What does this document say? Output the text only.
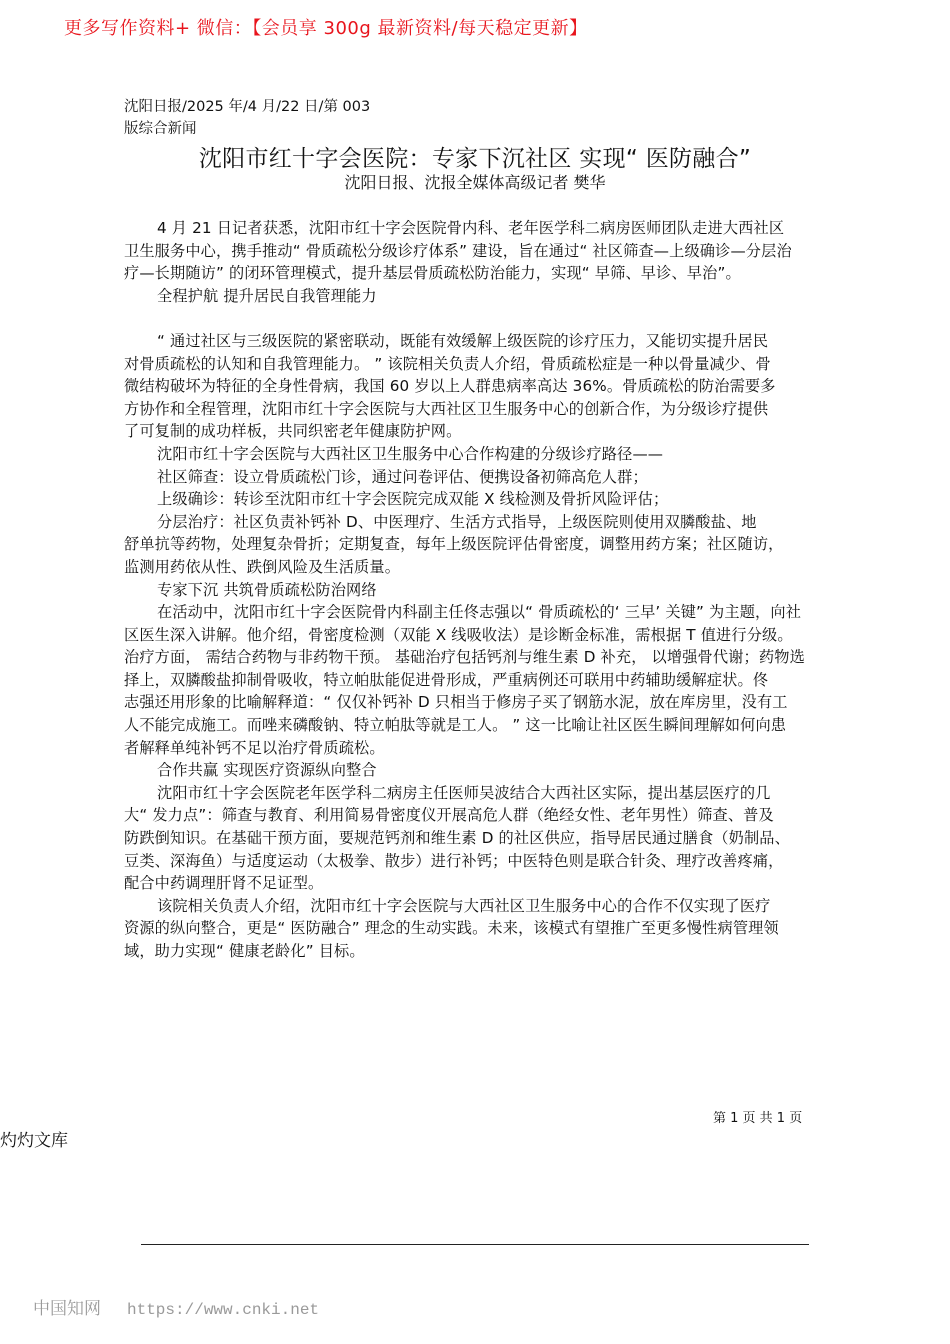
更多写作资料+ 微信：【会员享 300g 最新资料/每天稳定更新】
沈阳日报/2025 年/4 月/22 日/第 003
版综合新闻
沈阳市红十字会医院：专家下沉社区 实现“ 医防融合”
沈阳日报、沈报全媒体高级记者 樊华
4 月 21 日记者获悉，沈阳市红十字会医院骨内科、老年医学科二病房医师团队走进大西社区
卫生服务中心，携手推动“ 骨质疏松分级诊疗体系” 建设，旨在通过“ 社区筛查—上级确诊—分层治
疗—长期随访” 的闭环管理模式，提升基层骨质疏松防治能力，实现“ 早筛、早诊、早治”。
全程护航 提升居民自我管理能力
“ 通过社区与三级医院的紧密联动，既能有效缓解上级医院的诊疗压力，又能切实提升居民
对骨质疏松的认知和自我管理能力。 ” 该院相关负责人介绍，骨质疏松症是一种以骨量减少、骨
微结构破坏为特征的全身性骨病，我国 60 岁以上人群患病率高达 36%。骨质疏松的防治需要多
方协作和全程管理，沈阳市红十字会医院与大西社区卫生服务中心的创新合作，为分级诊疗提供
了可复制的成功样板，共同织密老年健康防护网。
沈阳市红十字会医院与大西社区卫生服务中心合作构建的分级诊疗路径——
社区筛查：设立骨质疏松门诊，通过问卷评估、便携设备初筛高危人群；
上级确诊：转诊至沈阳市红十字会医院完成双能 X 线检测及骨折风险评估；
分层治疗：社区负责补钙补 D、中医理疗、生活方式指导，上级医院则使用双膦酸盐、地
舒单抗等药物，处理复杂骨折；定期复查，每年上级医院评估骨密度，调整用药方案；社区随访，
监测用药依从性、跌倒风险及生活质量。
专家下沉 共筑骨质疏松防治网络
在活动中，沈阳市红十字会医院骨内科副主任佟志强以“ 骨质疏松的‘ 三早’ 关键” 为主题，向社
区医生深入讲解。他介绍，骨密度检测（双能 X 线吸收法）是诊断金标准，需根据 T 值进行分级。
治疗方面， 需结合药物与非药物干预。 基础治疗包括钙剂与维生素 D 补充， 以增强骨代谢；药物选
择上，双膦酸盐抑制骨吸收，特立帕肽能促进骨形成，严重病例还可联用中药辅助缓解症状。佟
志强还用形象的比喻解释道：“ 仅仅补钙补 D 只相当于修房子买了钢筋水泥，放在库房里，没有工
人不能完成施工。而唑来磷酸钠、特立帕肽等就是工人。 ” 这一比喻让社区医生瞬间理解如何向患
者解释单纯补钙不足以治疗骨质疏松。
合作共赢 实现医疗资源纵向整合
沈阳市红十字会医院老年医学科二病房主任医师吴波结合大西社区实际，提出基层医疗的几
大“ 发力点”：筛查与教育、利用简易骨密度仪开展高危人群（绝经女性、老年男性）筛查、普及
防跌倒知识。在基础干预方面，要规范钙剂和维生素 D 的社区供应，指导居民通过膳食（奶制品、
豆类、深海鱼）与适度运动（太极拳、散步）进行补钙；中医特色则是联合针灸、理疗改善疼痛，
配合中药调理肝肾不足证型。
该院相关负责人介绍，沈阳市红十字会医院与大西社区卫生服务中心的合作不仅实现了医疗
资源的纵向整合，更是“ 医防融合” 理念的生动实践。未来，该模式有望推广至更多慢性病管理领
域，助力实现“ 健康老龄化” 目标。
第 1 页 共 1 页
灼灼文库
中国知网 https://www.cnki.net
